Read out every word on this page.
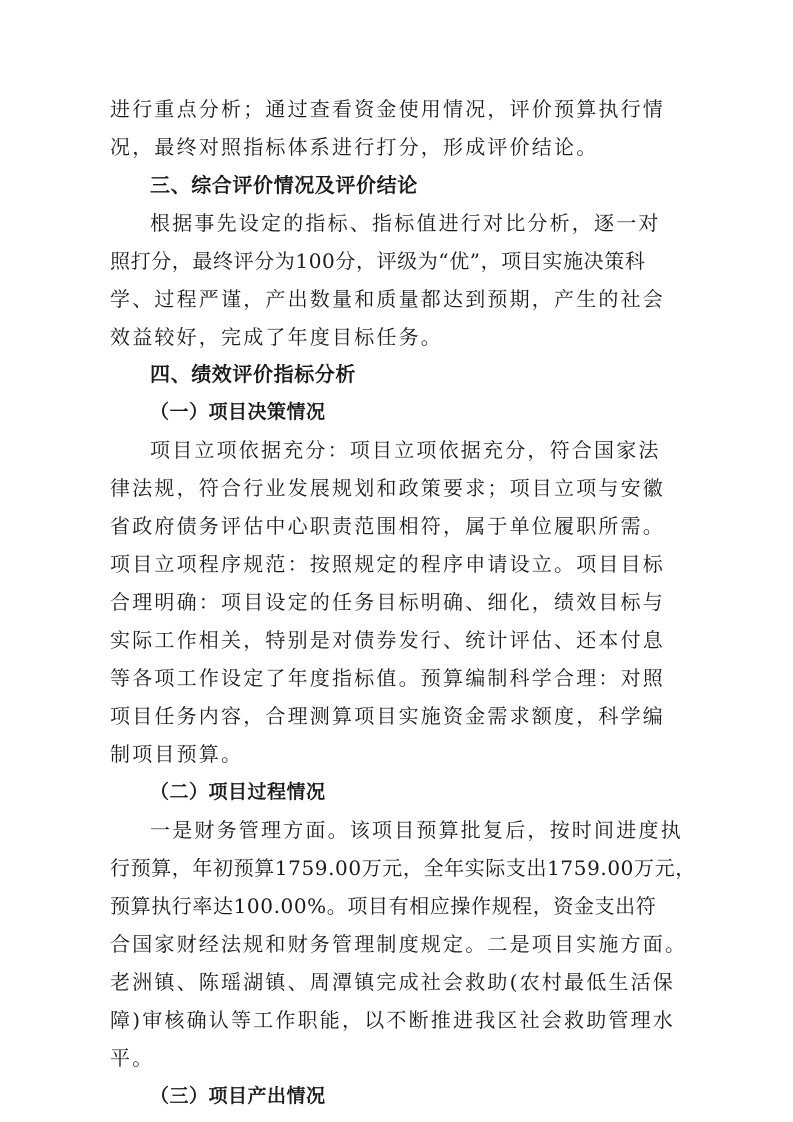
进行重点分析；通过查看资金使用情况，评价预算执行情
况，最终对照指标体系进行打分，形成评价结论。
三、综合评价情况及评价结论
根据事先设定的指标、指标值进行对比分析，逐一对
照打分，最终评分为100分，评级为“优”，项目实施决策科
学、过程严谨，产出数量和质量都达到预期，产生的社会
效益较好，完成了年度目标任务。
四、绩效评价指标分析
（一）项目决策情况
项目立项依据充分：项目立项依据充分，符合国家法
律法规，符合行业发展规划和政策要求；项目立项与安徽
省政府债务评估中心职责范围相符，属于单位履职所需。
项目立项程序规范：按照规定的程序申请设立。项目目标
合理明确：项目设定的任务目标明确、细化，绩效目标与
实际工作相关，特别是对债券发行、统计评估、还本付息
等各项工作设定了年度指标值。预算编制科学合理：对照
项目任务内容，合理测算项目实施资金需求额度，科学编
制项目预算。
（二）项目过程情况
一是财务管理方面。该项目预算批复后，按时间进度执
行预算，年初预算1759.00万元，全年实际支出1759.00万元，
预算执行率达100.00%。项目有相应操作规程，资金支出符
合国家财经法规和财务管理制度规定。二是项目实施方面。
老洲镇、陈瑶湖镇、周潭镇完成社会救助(农村最低生活保
障)审核确认等工作职能，以不断推进我区社会救助管理水
平。
（三）项目产出情况
